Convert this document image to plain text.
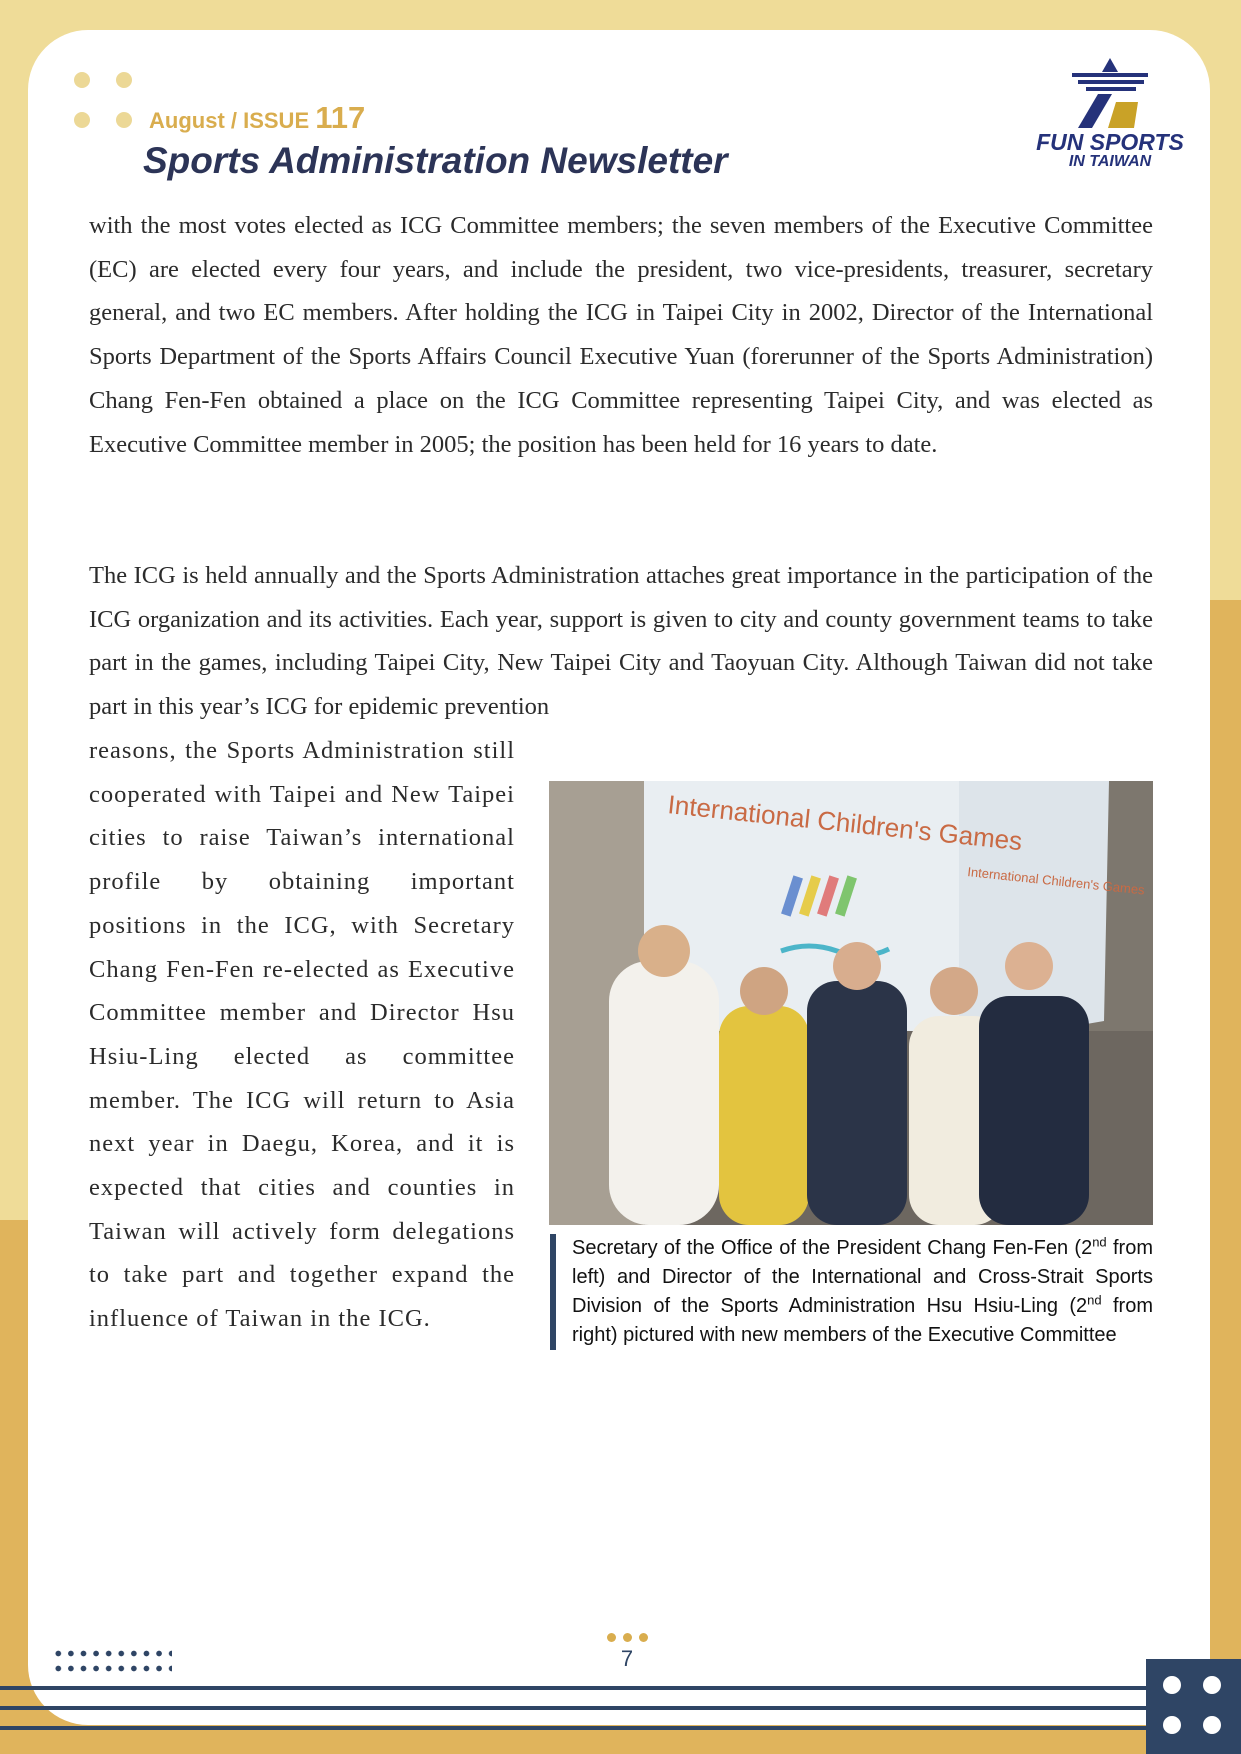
August / ISSUE 117
Sports Administration Newsletter	FUN SPORTS
IN TAIWAN
with the most votes elected as ICG Committee members; the seven members of the Executive Committee (EC) are elected every four years, and include the president, two vice-presidents, treasurer, secretary general, and two EC members. After holding the ICG in Taipei City in 2002, Director of the International Sports Department of the Sports Affairs Council Executive Yuan (forerunner of the Sports Administration) Chang Fen-Fen obtained a place on the ICG Committee representing Taipei City, and was elected as Executive Committee member in 2005; the position has been held for 16 years to date.
The ICG is held annually and the Sports Administration attaches great importance in the participation of the ICG organization and its activities. Each year, support is given to city and county government teams to take part in the games, including Taipei City, New Taipei City and Taoyuan City. Although Taiwan did not take part in this year’s ICG for epidemic prevention
reasons, the Sports Administration still cooperated with Taipei and New Taipei cities to raise Taiwan’s international profile by obtaining important positions in the ICG, with Secretary Chang Fen-Fen re-elected as Executive Committee member and Director Hsu Hsiu-Ling elected as committee member. The ICG will return to Asia next year in Daegu, Korea, and it is expected that cities and counties in Taiwan will actively form delegations to take part and together expand the influence of Taiwan in the ICG.
International Children's Games
International Children's Games
Secretary of the Office of the President Chang Fen-Fen (2nd from left) and Director of the International and Cross-Strait Sports Division of the Sports Administration Hsu Hsiu-Ling (2nd from right) pictured with new members of the Executive Committee
7
